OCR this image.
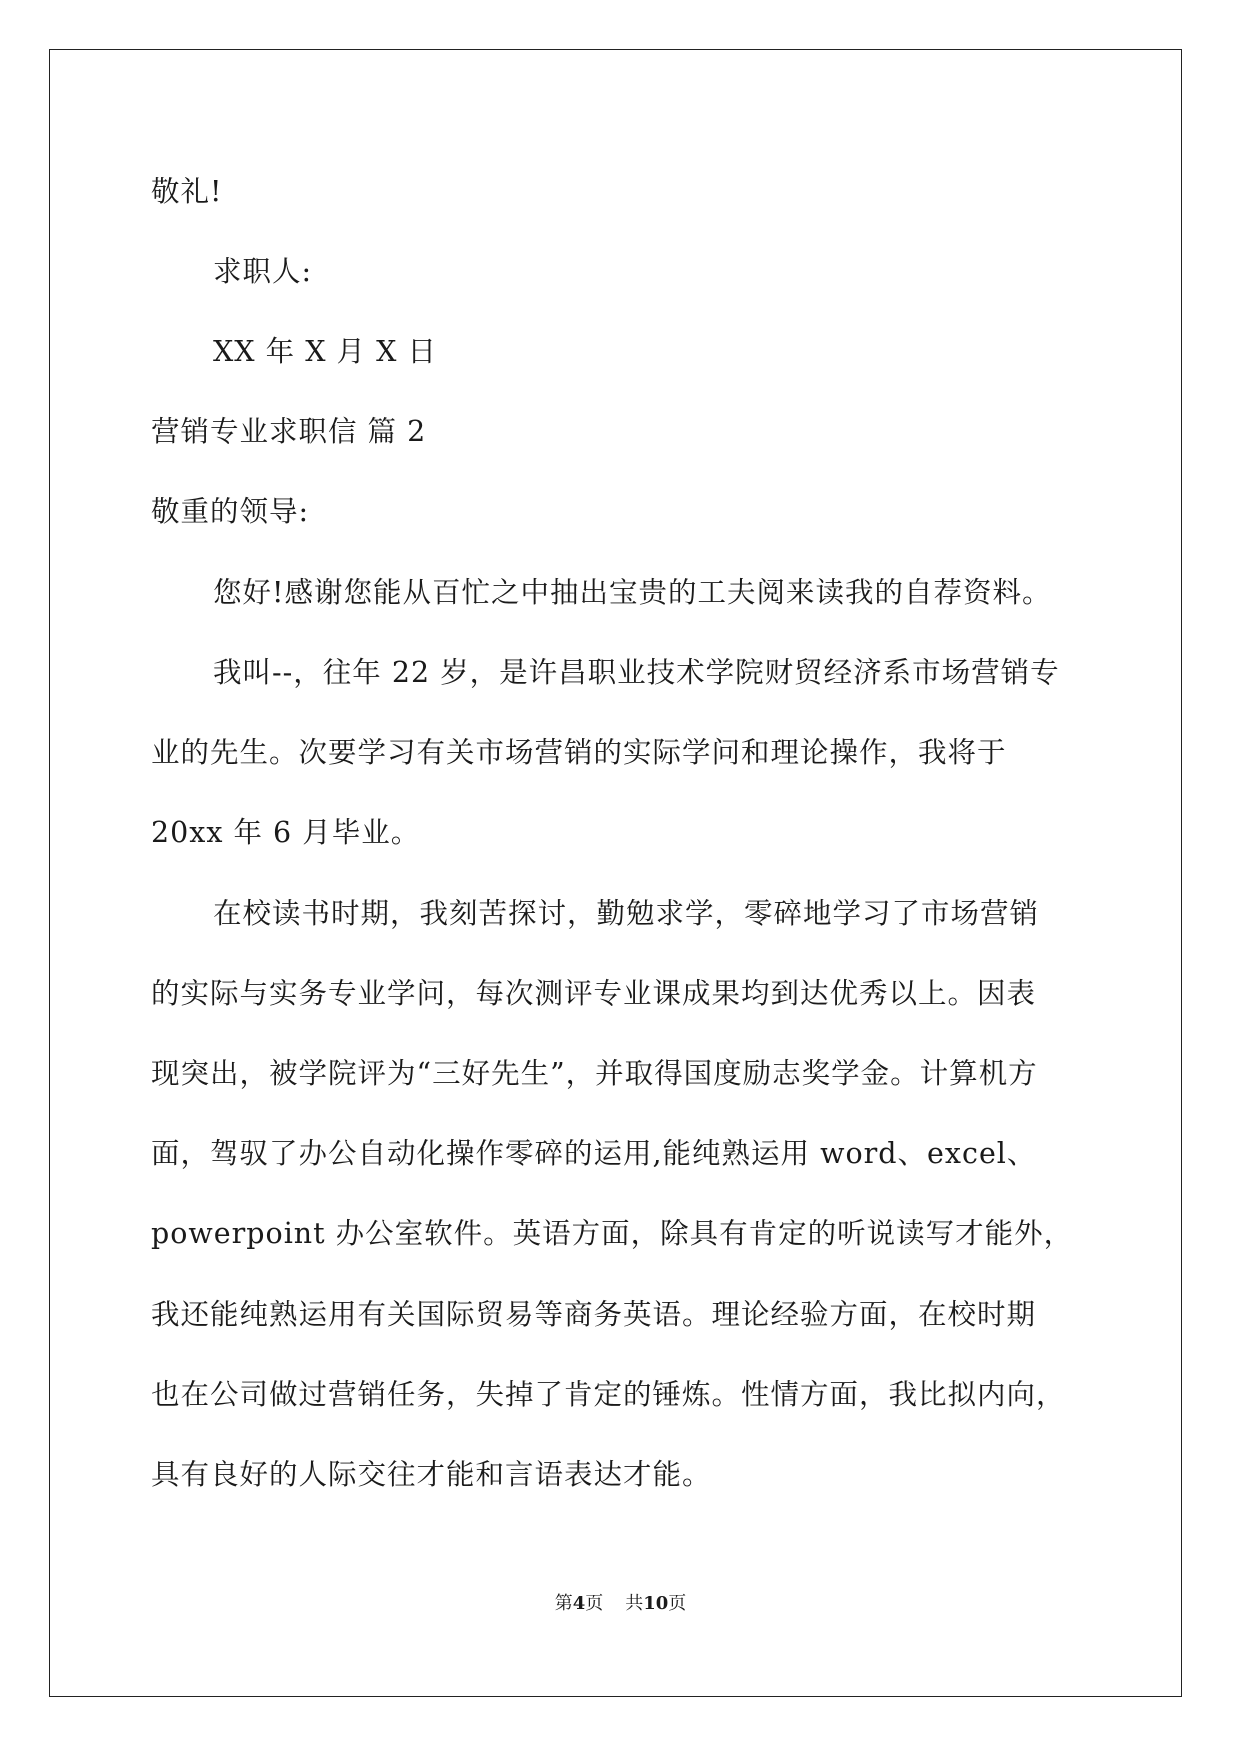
敬礼!
求职人:
XX 年 X 月 X 日
营销专业求职信 篇 2
敬重的领导:
您好!感谢您能从百忙之中抽出宝贵的工夫阅来读我的自荐资料。
我叫--，往年 22 岁，是许昌职业技术学院财贸经济系市场营销专
业的先生。次要学习有关市场营销的实际学问和理论操作，我将于
20xx 年 6 月毕业。
在校读书时期，我刻苦探讨，勤勉求学，零碎地学习了市场营销
的实际与实务专业学问，每次测评专业课成果均到达优秀以上。因表
现突出，被学院评为“三好先生”，并取得国度励志奖学金。计算机方
面，驾驭了办公自动化操作零碎的运用,能纯熟运用 word、excel、
powerpoint 办公室软件。英语方面，除具有肯定的听说读写才能外，
我还能纯熟运用有关国际贸易等商务英语。理论经验方面，在校时期
也在公司做过营销任务，失掉了肯定的锤炼。性情方面，我比拟内向，
具有良好的人际交往才能和言语表达才能。
第4页 共10页
